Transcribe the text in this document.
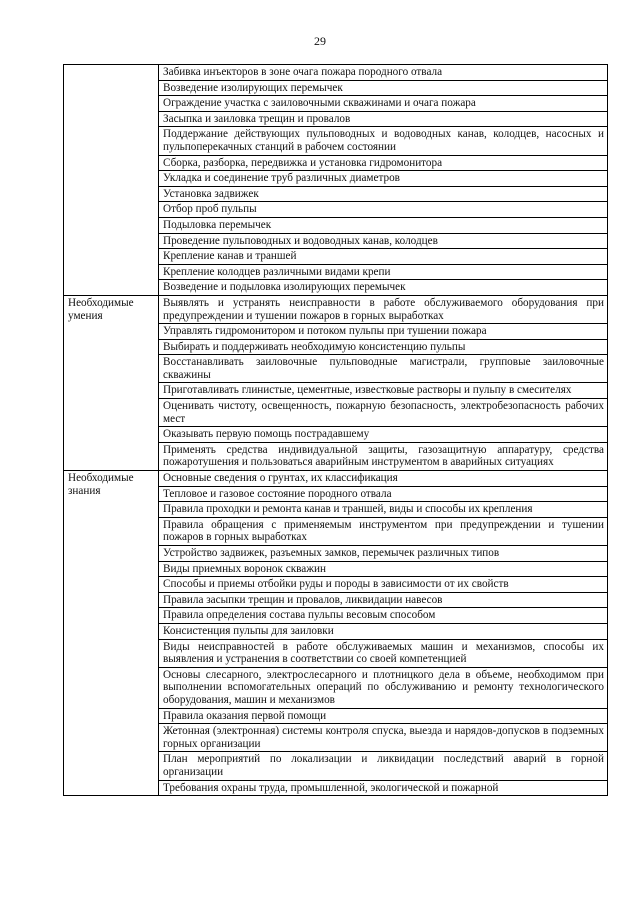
29
	Забивка инъекторов в зоне очага пожара породного отвала
	Возведение изолирующих перемычек
	Ограждение участка с заиловочными скважинами и очага пожара
	Засыпка и заиловка трещин и провалов
	Поддержание действующих пульповодных и водоводных канав, колодцев, насосных и пульпоперекачных станций в рабочем состоянии
	Сборка, разборка, передвижка и установка гидромонитора
	Укладка и соединение труб различных диаметров
	Установка задвижек
	Отбор проб пульпы
	Подыловка перемычек
	Проведение пульповодных и водоводных канав, колодцев
	Крепление канав и траншей
	Крепление колодцев различными видами крепи
	Возведение и подыловка изолирующих перемычек
Необходимые умения	Выявлять и устранять неисправности в работе обслуживаемого оборудования при предупреждении и тушении пожаров в горных выработках
	Управлять гидромонитором и потоком пульпы при тушении пожара
	Выбирать и поддерживать необходимую консистенцию пульпы
	Восстанавливать заиловочные пульповодные магистрали, групповые заиловочные скважины
	Приготавливать глинистые, цементные, известковые растворы и пульпу в смесителях
	Оценивать чистоту, освещенность, пожарную безопасность, электробезопасность рабочих мест
	Оказывать первую помощь пострадавшему
	Применять средства индивидуальной защиты, газозащитную аппаратуру, средства пожаротушения и пользоваться аварийным инструментом в аварийных ситуациях
Необходимые знания	Основные сведения о грунтах, их классификация
	Тепловое и газовое состояние породного отвала
	Правила проходки и ремонта канав и траншей, виды и способы их крепления
	Правила обращения с применяемым инструментом при предупреждении и тушении пожаров в горных выработках
	Устройство задвижек, разъемных замков, перемычек различных типов
	Виды приемных воронок скважин
	Способы и приемы отбойки руды и породы в зависимости от их свойств
	Правила засыпки трещин и провалов, ликвидации навесов
	Правила определения состава пульпы весовым способом
	Консистенция пульпы для заиловки
	Виды неисправностей в работе обслуживаемых машин и механизмов, способы их выявления и устранения в соответствии со своей компетенцией
	Основы слесарного, электрослесарного и плотницкого дела в объеме, необходимом при выполнении вспомогательных операций по обслуживанию и ремонту технологического оборудования, машин и механизмов
	Правила оказания первой помощи
	Жетонная (электронная) системы контроля спуска, выезда и нарядов-допусков в подземных горных организации
	План мероприятий по локализации и ликвидации последствий аварий в горной организации
	Требования охраны труда, промышленной, экологической и пожарной
